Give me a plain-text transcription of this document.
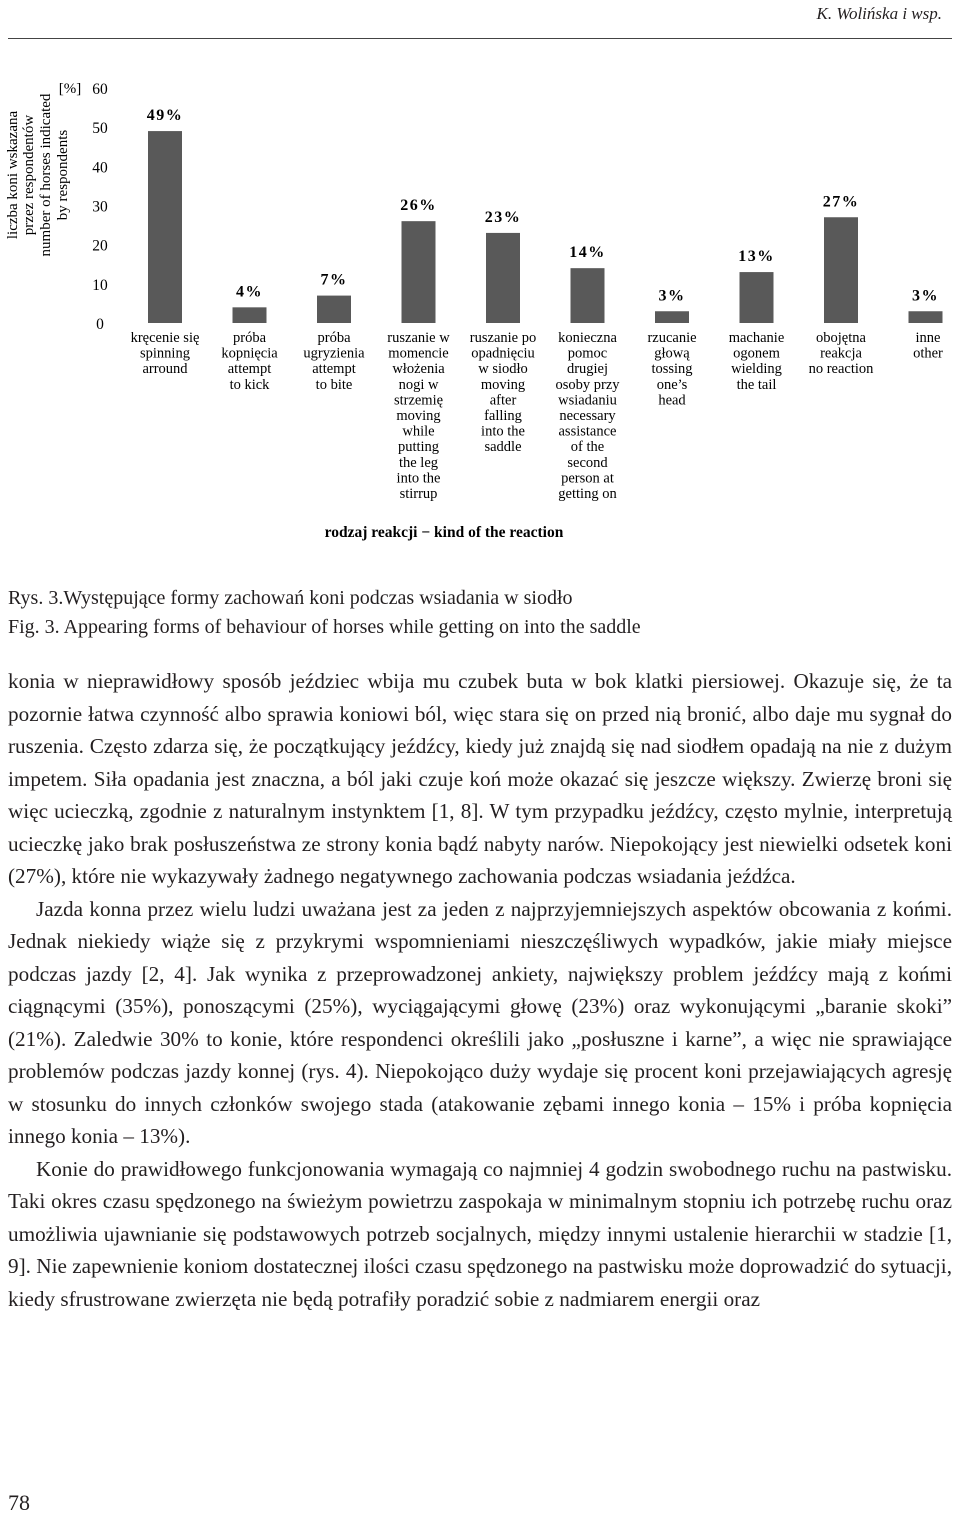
K. Wolińska i wsp.
liczba koni wskazana przez respondentów number of horses indicated by respondents
[%]
0
10
20
30
40
50
60
49%
4%
7%
26%
23%
14%
3%
13%
27%
3%
kręcenie się spinning arround
próba kopnięcia attempt to kick
próba ugryzienia attempt to bite
ruszanie w momencie włożenia nogi w strzemię moving while putting the leg into the stirrup
ruszanie po opadnięciu w siodło moving after falling into the saddle
konieczna pomoc drugiej osoby przy wsiadaniu necessary assistance of the second person at getting on
rzucanie głową tossing one’s head
machanie ogonem wielding the tail
obojętna reakcja no reaction
inne other
rodzaj reakcji − kind of the reaction
Rys. 3.Występujące formy zachowań koni podczas wsiadania w siodło
Fig. 3. Appearing forms of behaviour of horses while getting on into the saddle

konia w nieprawidłowy sposób jeździec wbija mu czubek buta w bok klatki piersiowej. Okazuje się, że ta pozornie łatwa czynność albo sprawia koniowi ból, więc stara się on przed nią bronić, albo daje mu sygnał do ruszenia. Często zdarza się, że początkujący jeźdźcy, kiedy już znajdą się nad siodłem opadają na nie z dużym impetem. Siła opadania jest znaczna, a ból jaki czuje koń może okazać się jeszcze większy. Zwierzę broni się więc ucieczką, zgodnie z naturalnym instynktem [1, 8]. W tym przypadku jeźdźcy, często mylnie, interpretują ucieczkę jako brak posłuszeństwa ze strony konia bądź nabyty narów. Niepokojący jest niewielki odsetek koni (27%), które nie wykazywały żadnego negatywnego zachowania podczas wsiadania jeźdźca.

Jazda konna przez wielu ludzi uważana jest za jeden z najprzyjemniejszych aspektów obcowania z końmi. Jednak niekiedy wiąże się z przykrymi wspomnieniami nieszczęśliwych wypadków, jakie miały miejsce podczas jazdy [2, 4]. Jak wynika z przeprowadzonej ankiety, największy problem jeźdźcy mają z końmi ciągnącymi (35%), ponoszącymi (25%), wyciągającymi głowę (23%) oraz wykonującymi „baranie skoki” (21%). Zaledwie 30% to konie, które respondenci określili jako „posłuszne i karne”, a więc nie sprawiające problemów podczas jazdy konnej (rys. 4). Niepokojąco duży wydaje się procent koni przejawiających agresję w stosunku do innych członków swojego stada (atakowanie zębami innego konia – 15% i próba kopnięcia innego konia – 13%).

Konie do prawidłowego funkcjonowania wymagają co najmniej 4 godzin swobodnego ruchu na pastwisku. Taki okres czasu spędzonego na świeżym powietrzu zaspokaja w minimalnym stopniu ich potrzebę ruchu oraz umożliwia ujawnianie się podstawowych potrzeb socjalnych, między innymi ustalenie hierarchii w stadzie [1, 9]. Nie zapewnienie koniom dostatecznej ilości czasu spędzonego na pastwisku może doprowadzić do sytuacji, kiedy sfrustrowane zwierzęta nie będą potrafiły poradzić sobie z nadmiarem energii oraz

78
